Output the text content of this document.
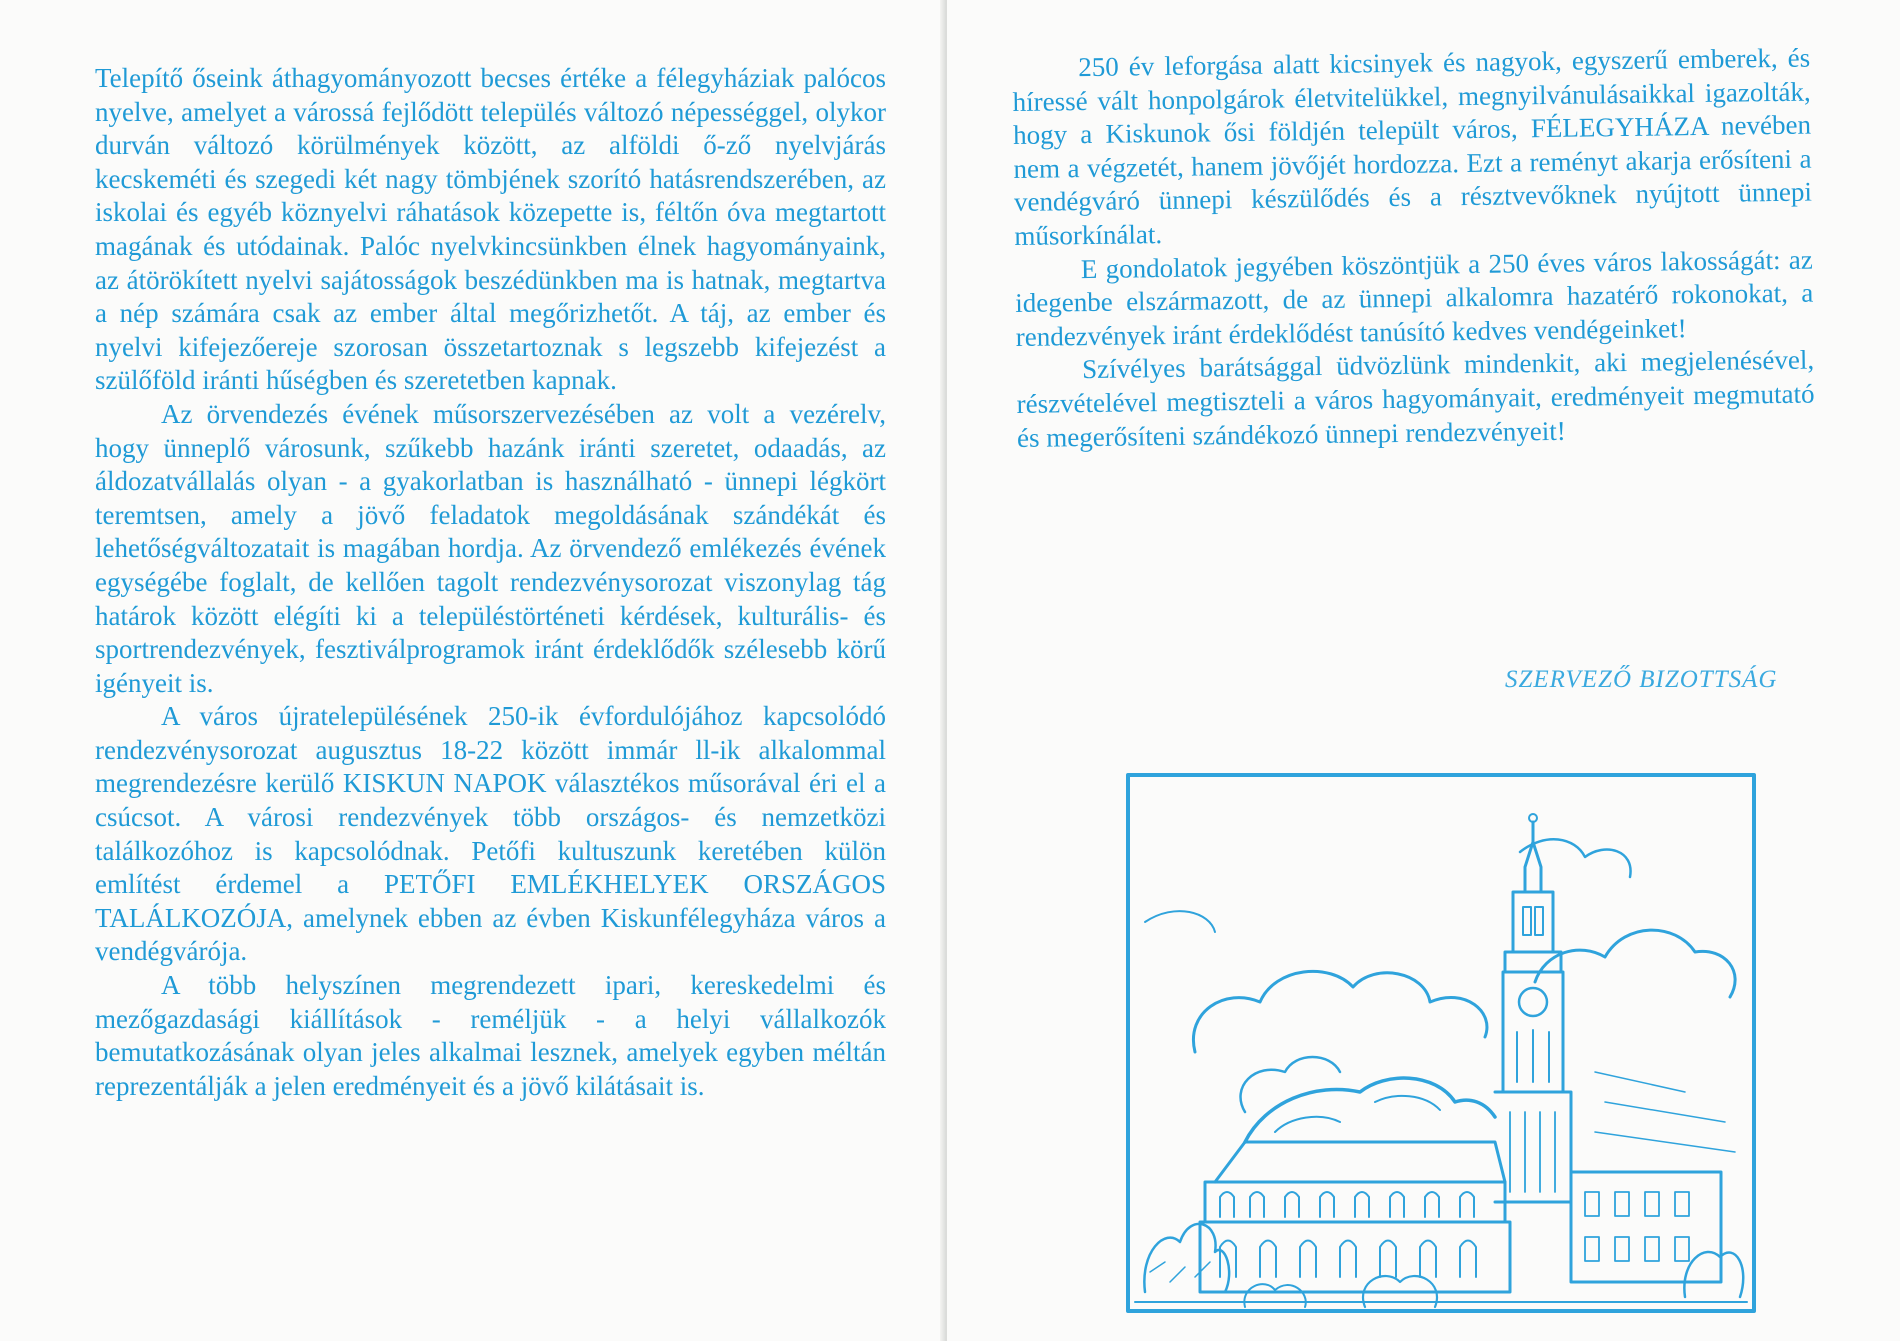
Telepítő őseink áthagyományozott becses értéke a félegyháziak palócos nyelve, amelyet a várossá fejlődött település változó népességgel, olykor durván változó körülmények között, az alföldi ő-ző nyelvjárás kecskeméti és szegedi két nagy tömbjének szorító hatásrendszerében, az iskolai és egyéb köznyelvi ráhatások közepette is, féltőn óva megtartott magának és utódainak. Palóc nyelvkincsünkben élnek hagyományaink, az átörökített nyelvi sajátosságok beszédünkben ma is hatnak, megtartva a nép számára csak az ember által megőrizhetőt. A táj, az ember és nyelvi kifejezőereje szorosan összetartoznak s legszebb kifejezést a szülőföld iránti hűségben és szeretetben kapnak.

Az örvendezés évének műsorszervezésében az volt a vezérelv, hogy ünneplő városunk, szűkebb hazánk iránti szeretet, odaadás, az áldozatvállalás olyan - a gyakorlatban is használható - ünnepi légkört teremtsen, amely a jövő feladatok megoldásának szándékát és lehetőségváltozatait is magában hordja. Az örvendező emlékezés évének egységébe foglalt, de kellően tagolt rendezvénysorozat viszonylag tág határok között elégíti ki a településtörténeti kérdések, kulturális- és sportrendezvények, fesztiválprogramok iránt érdeklődők szélesebb körű igényeit is.

A város újratelepülésének 250-ik évfordulójához kapcsolódó rendezvénysorozat augusztus 18-22 között immár ll-ik alkalommal megrendezésre kerülő KISKUN NAPOK választékos műsorával éri el a csúcsot. A városi rendezvények több országos- és nemzetközi találkozóhoz is kapcsolódnak. Petőfi kultuszunk keretében külön említést érdemel a PETŐFI EMLÉKHELYEK ORSZÁGOS TALÁLKOZÓJA, amelynek ebben az évben Kiskunfélegyháza város a vendégvárója.

A több helyszínen megrendezett ipari, kereskedelmi és mezőgazdasági kiállítások - reméljük - a helyi vállalkozók bemutatkozásának olyan jeles alkalmai lesznek, amelyek egyben méltán reprezentálják a jelen eredményeit és a jövő kilátásait is.

250 év leforgása alatt kicsinyek és nagyok, egyszerű emberek, és híressé vált honpolgárok életvitelükkel, megnyilvánulásaikkal igazolták, hogy a Kiskunok ősi földjén települt város, FÉLEGYHÁZA nevében nem a végzetét, hanem jövőjét hordozza. Ezt a reményt akarja erősíteni a vendégváró ünnepi készülődés és a résztvevőknek nyújtott ünnepi műsorkínálat.

E gondolatok jegyében köszöntjük a 250 éves város lakosságát: az idegenbe elszármazott, de az ünnepi alkalomra hazatérő rokonokat, a rendezvények iránt érdeklődést tanúsító kedves vendégeinket!

Szívélyes barátsággal üdvözlünk mindenkit, aki megjelenésével, részvételével megtiszteli a város hagyományait, eredményeit megmutató és megerősíteni szándékozó ünnepi rendezvényeit!

SZERVEZŐ BIZOTTSÁG
